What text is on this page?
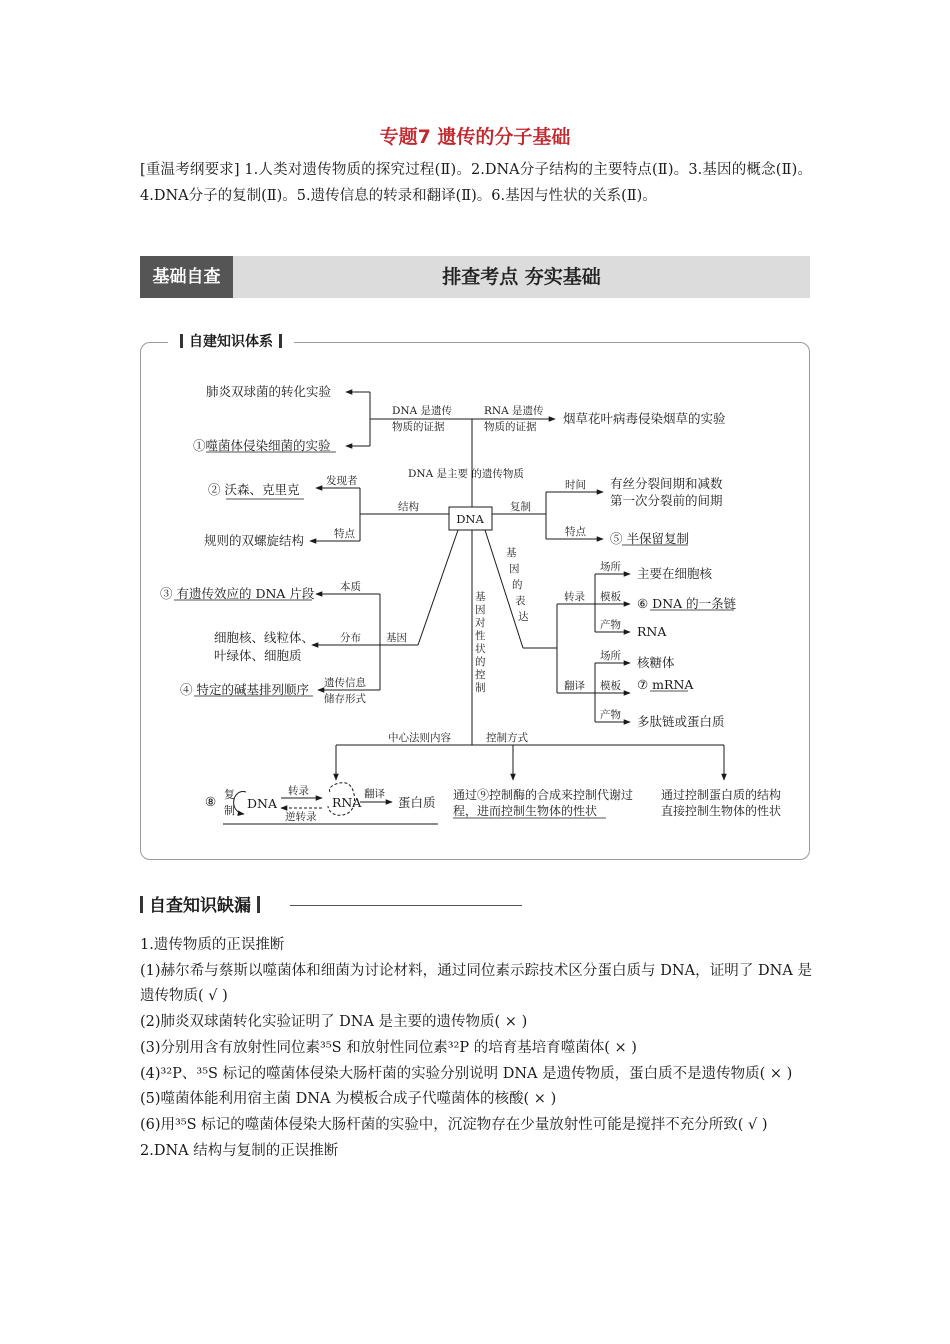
专题7 遗传的分子基础
[重温考纲要求] 1.人类对遗传物质的探究过程(Ⅱ)。2.DNA分子结构的主要特点(Ⅱ)。3.基因的概念(Ⅱ)。4.DNA分子的复制(Ⅱ)。5.遗传信息的转录和翻译(Ⅱ)。6.基因与性状的关系(Ⅱ)。
基础自查	排查考点 夯实基础
自建知识体系
肺炎双球菌的转化实验
①噬菌体侵染细菌的实验
烟草花叶病毒侵染烟草的实验
DNA 是遗传
物质的证据
RNA 是遗传
物质的证据
DNA 是主要 的遗传物质
DNA
结构
发现者
② 沃森、克里克
特点
规则的双螺旋结构
复制
时间 有丝分裂间期和减数
第一次分裂前的间期
特点 ⑤ 半保留复制
基因
本质
③ 有遗传效应的 DNA 片段
分布
细胞核、线粒体、
叶绿体、细胞质
遗传信息
储存形式
④ 特定的碱基排列顺序
基
因
的
表
达
转录
翻译
场所
模板
产物
场所
模板
产物
主要在细胞核
⑥ DNA 的一条链
RNA
核糖体
⑦ mRNA
多肽链或蛋白质
基
因
对
性
状
的
控
制
中心法则内容	控制方式
通过⑨控制酶的合成来控制代谢过
程，进而控制生物体的性状
通过控制蛋白质的结构
直接控制生物体的性状
⑧ 复
制 DNA
转录
逆转录
RNA
翻译
蛋白质
自查知识缺漏

1.遗传物质的正误推断

(1)赫尔希与蔡斯以噬菌体和细菌为讨论材料，通过同位素示踪技术区分蛋白质与 DNA，证明了 DNA 是遗传物质( √ )

(2)肺炎双球菌转化实验证明了 DNA 是主要的遗传物质( × )

(3)分别用含有放射性同位素³⁵S 和放射性同位素³²P 的培育基培育噬菌体( × )

(4)³²P、³⁵S 标记的噬菌体侵染大肠杆菌的实验分别说明 DNA 是遗传物质，蛋白质不是遗传物质( × )

(5)噬菌体能利用宿主菌 DNA 为模板合成子代噬菌体的核酸( × )

(6)用³⁵S 标记的噬菌体侵染大肠杆菌的实验中，沉淀物存在少量放射性可能是搅拌不充分所致( √ )

2.DNA 结构与复制的正误推断
